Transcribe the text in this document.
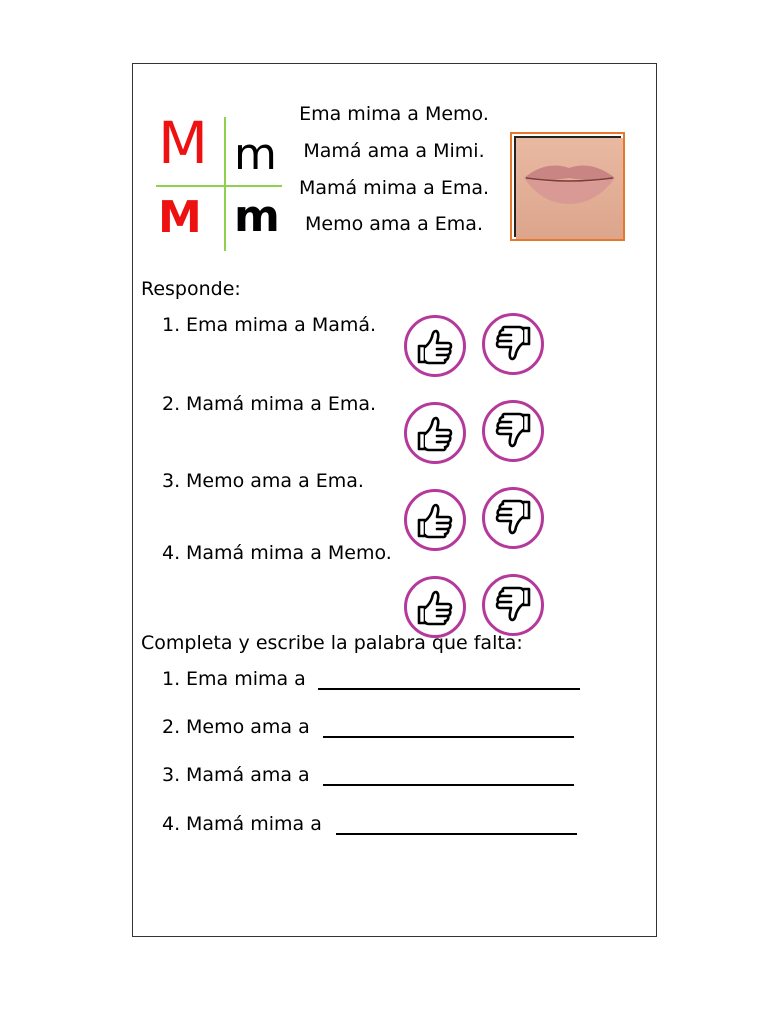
M m
M m
Ema mima a Memo.
Mamá ama a Mimi.
Mamá mima a Ema.
Memo ama a Ema.
Responde:
1. Ema mima a Mamá.
2. Mamá mima a Ema.
3. Memo ama a Ema.
4. Mamá mima a Memo.
Completa y escribe la palabra que falta:
1. Ema mima a
2. Memo ama a
3. Mamá ama a
4. Mamá mima a
